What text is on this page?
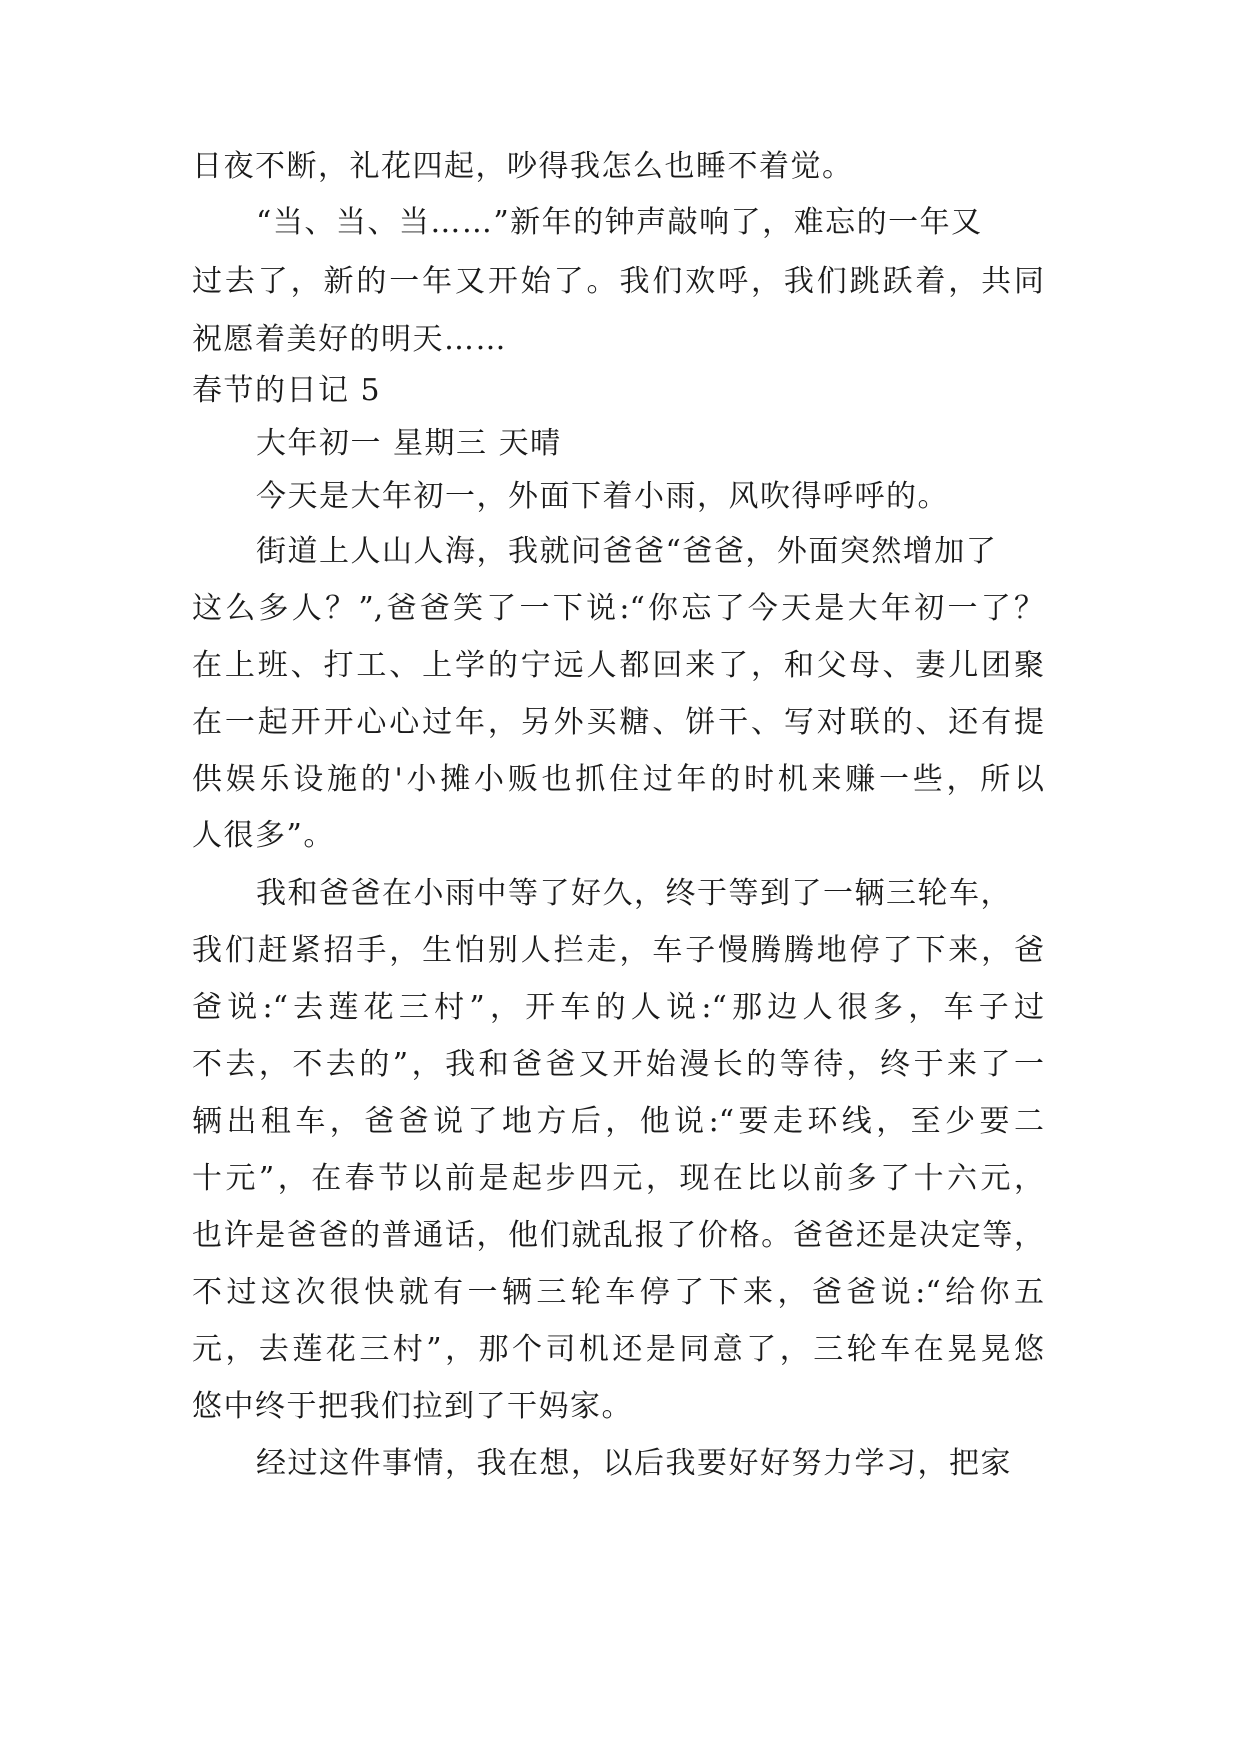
日夜不断，礼花四起，吵得我怎么也睡不着觉。
“当、当、当……”新年的钟声敲响了，难忘的一年又
过去了，新的一年又开始了。我们欢呼，我们跳跃着，共同
祝愿着美好的明天……
春节的日记 5
大年初一 星期三 天晴
今天是大年初一，外面下着小雨，风吹得呼呼的。
街道上人山人海，我就问爸爸“爸爸，外面突然增加了
这么多人？”,爸爸笑了一下说:“你忘了今天是大年初一了？
在上班、打工、上学的宁远人都回来了，和父母、妻儿团聚
在一起开开心心过年，另外买糖、饼干、写对联的、还有提
供娱乐设施的'小摊小贩也抓住过年的时机来赚一些，所以
人很多”。
我和爸爸在小雨中等了好久，终于等到了一辆三轮车，
我们赶紧招手，生怕别人拦走，车子慢腾腾地停了下来，爸
爸说:“去莲花三村”，开车的人说:“那边人很多，车子过
不去，不去的”，我和爸爸又开始漫长的等待，终于来了一
辆出租车，爸爸说了地方后，他说:“要走环线，至少要二
十元”，在春节以前是起步四元，现在比以前多了十六元，
也许是爸爸的普通话，他们就乱报了价格。爸爸还是决定等，
不过这次很快就有一辆三轮车停了下来，爸爸说:“给你五
元，去莲花三村”，那个司机还是同意了，三轮车在晃晃悠
悠中终于把我们拉到了干妈家。
经过这件事情，我在想，以后我要好好努力学习，把家
